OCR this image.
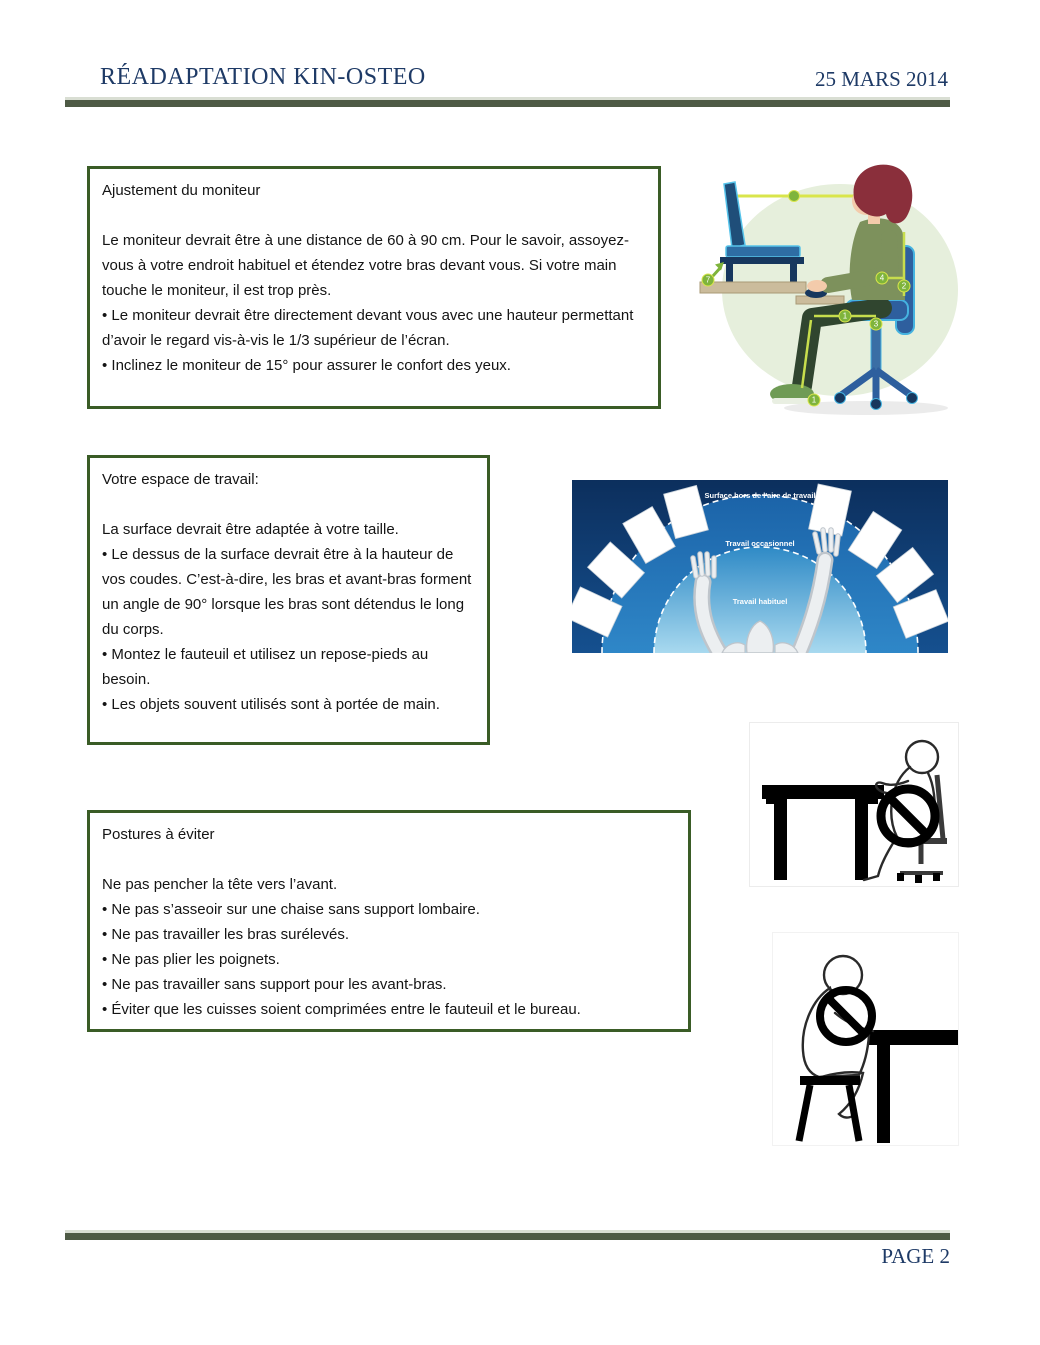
RÉADAPTATION KIN-OSTEO	25 MARS 2014

Ajustement du moniteur

Le moniteur devrait être à une distance de 60 à 90 cm. Pour le savoir, assoyez-vous à votre endroit habituel et étendez votre bras devant vous. Si votre main touche le moniteur, il est trop près.

• Le moniteur devrait être directement devant vous avec une hauteur permettant d’avoir le regard vis-à-vis le 1/3 supérieur de l’écran.

• Inclinez le moniteur de 15° pour assurer le confort des yeux.

7
1
2
3
4
1

Votre espace de travail:

La surface devrait être adaptée à votre taille.

• Le dessus de la surface devrait être à la hauteur de vos coudes. C’est-à-dire, les bras et avant-bras forment un angle de 90° lorsque les bras sont détendus le long du corps.

• Montez le fauteuil et utilisez un repose-pieds au besoin.

• Les objets souvent utilisés sont à portée de main.

Surface hors de l'aire de travail
Travail occasionnel
Travail habituel

Postures à éviter

Ne pas pencher la tête vers l’avant.

• Ne pas s’asseoir sur une chaise sans support lombaire.

• Ne pas travailler les bras surélevés.

• Ne pas plier les poignets.

• Ne pas travailler sans support pour les avant-bras.

• Éviter que les cuisses soient comprimées entre le fauteuil et le bureau.

PAGE 2
